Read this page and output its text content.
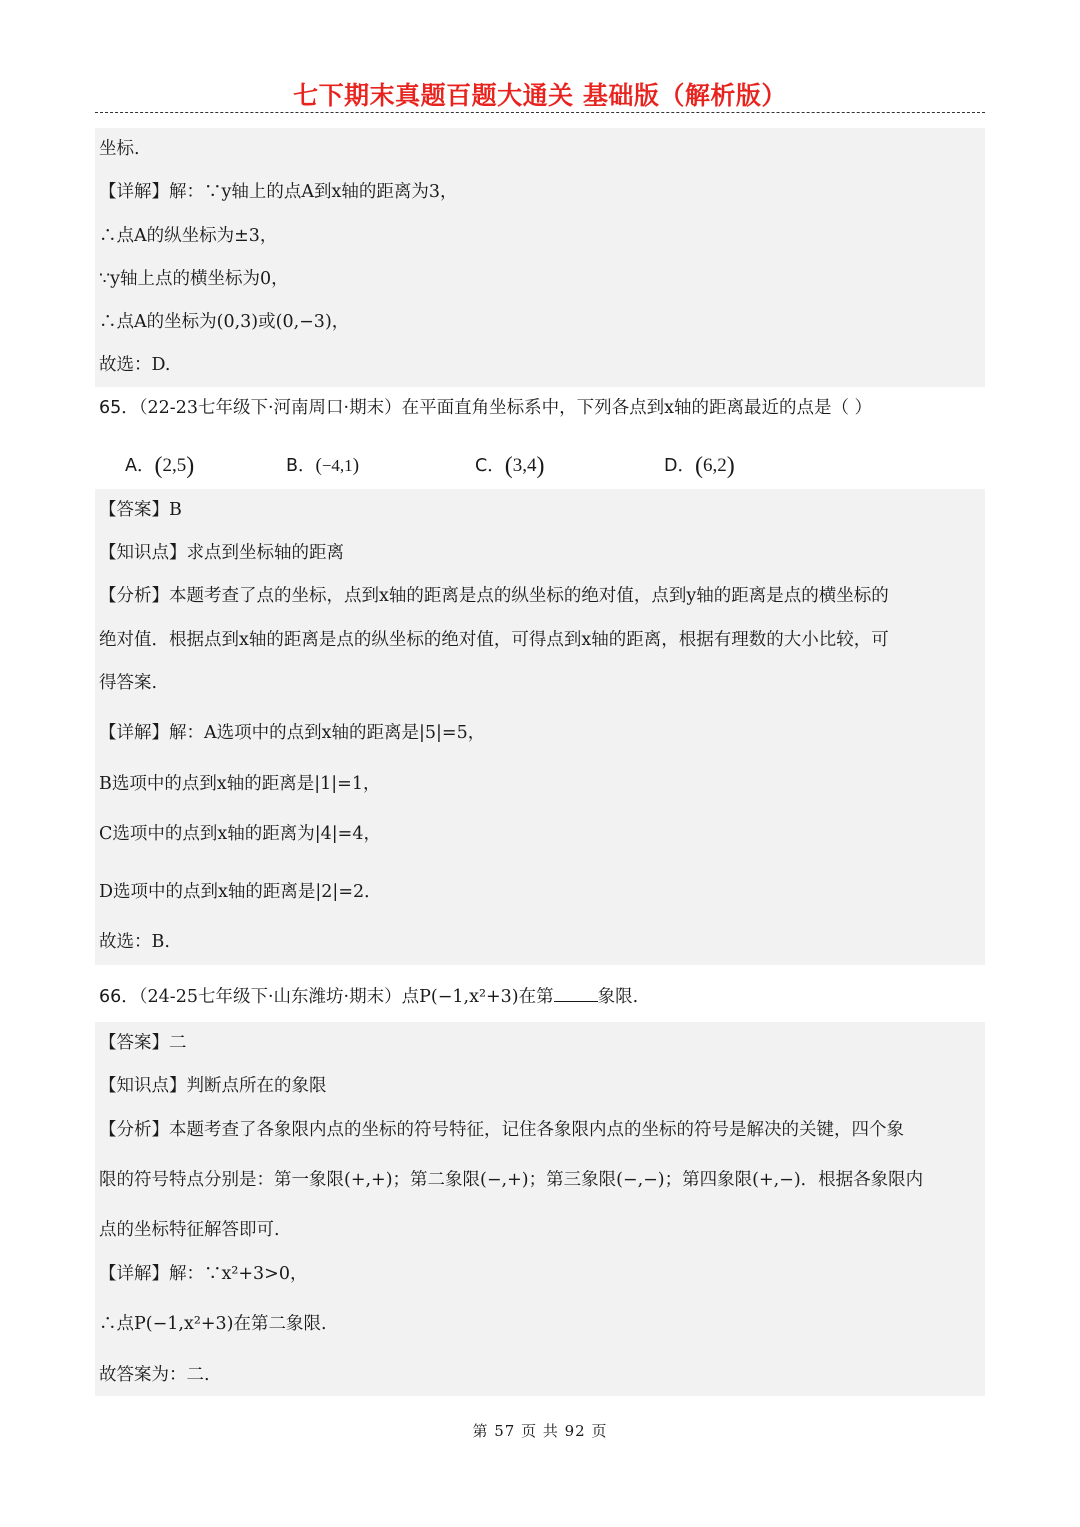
七下期末真题百题大通关 基础版（解析版）
坐标.
【详解】解：∵y轴上的点A到x轴的距离为3，
∴点A的纵坐标为±3，
∵y轴上点的横坐标为0，
∴点A的坐标为(0,3)或(0,−3)，
故选：D.
65．（22-23七年级下·河南周口·期末）在平面直角坐标系中，下列各点到x轴的距离最近的点是（ ）
A．(2,5)	B．(−4,1)	C．(3,4)	D．(6,2)
【答案】B
【知识点】求点到坐标轴的距离
【分析】本题考查了点的坐标，点到x轴的距离是点的纵坐标的绝对值，点到y轴的距离是点的横坐标的
绝对值．根据点到x轴的距离是点的纵坐标的绝对值，可得点到x轴的距离，根据有理数的大小比较，可
得答案.
【详解】解：A选项中的点到x轴的距离是|5|=5，
B选项中的点到x轴的距离是|1|=1，
C选项中的点到x轴的距离为|4|=4，
D选项中的点到x轴的距离是|2|=2．
故选：B.
66．（24-25七年级下·山东潍坊·期末）点P(−1,x²+3)在第	象限.
【答案】二
【知识点】判断点所在的象限
【分析】本题考查了各象限内点的坐标的符号特征，记住各象限内点的坐标的符号是解决的关键，四个象
限的符号特点分别是：第一象限(+,+)；第二象限(−,+)；第三象限(−,−)；第四象限(+,−)．根据各象限内
点的坐标特征解答即可.
【详解】解：∵x²+3>0，
∴点P(−1,x²+3)在第二象限.
故答案为：二.
第 57 页 共 92 页
